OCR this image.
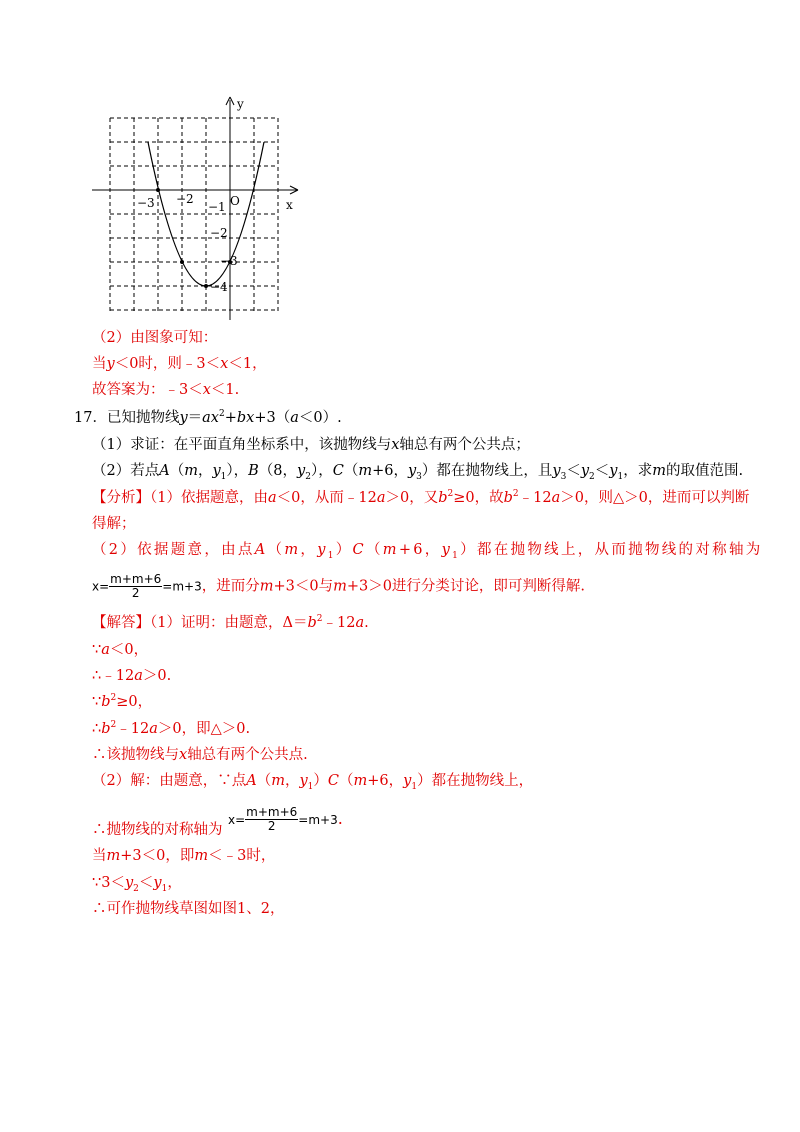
y
x
O
−3 −2
−1
−2
−3
−4
（2）由图象可知：
当y＜0时，则﹣3＜x＜1，
故答案为：﹣3＜x＜1.
17．已知抛物线$y=ax^2+bx+3(a<0)$.
（1）求证：在平面直角坐标系中，该抛物线与x轴总有两个公共点；
（2）若点A（m，$y_1$），B（8，$y_2$），C（m+6，$y_3$）都在抛物线上，且$y_3<y_2<y_1$，求m的取值范围.
【分析】（1）依据题意，由a＜0，从而﹣12a＞0，又$b^2\ge 0$，故$b^2﹣12a>0$，则△＞0，进而可以判断
得解；
（2）依据题意，由点A（m，$y_1)C(m+6$，$y_1$）都在抛物线上，从而抛物线的对称轴为
$x= \frac{m+m+6}{2} =m+3$，进而分m+3＜0与m+3＞0进行分类讨论，即可判断得解.
【解答】（1）证明：由题意，$\Delta=b^2﹣12a$.
∵a＜0，
∴﹣12a＞0.
$\because b^2\ge 0$，
$\therefore b^2﹣12a>0$，即△＞0.
∴该抛物线与x轴总有两个公共点.
（2）解：由题意，∵点A（m，$y_1)C(m+6$，$y_1$）都在抛物线上，
∴抛物线的对称轴为
$x= \frac{m+m+6}{2} =m+3$.
当m+3＜0，即m＜﹣3时，
$\because 3<y_2<y_1$，
∴可作抛物线草图如图1、2，
